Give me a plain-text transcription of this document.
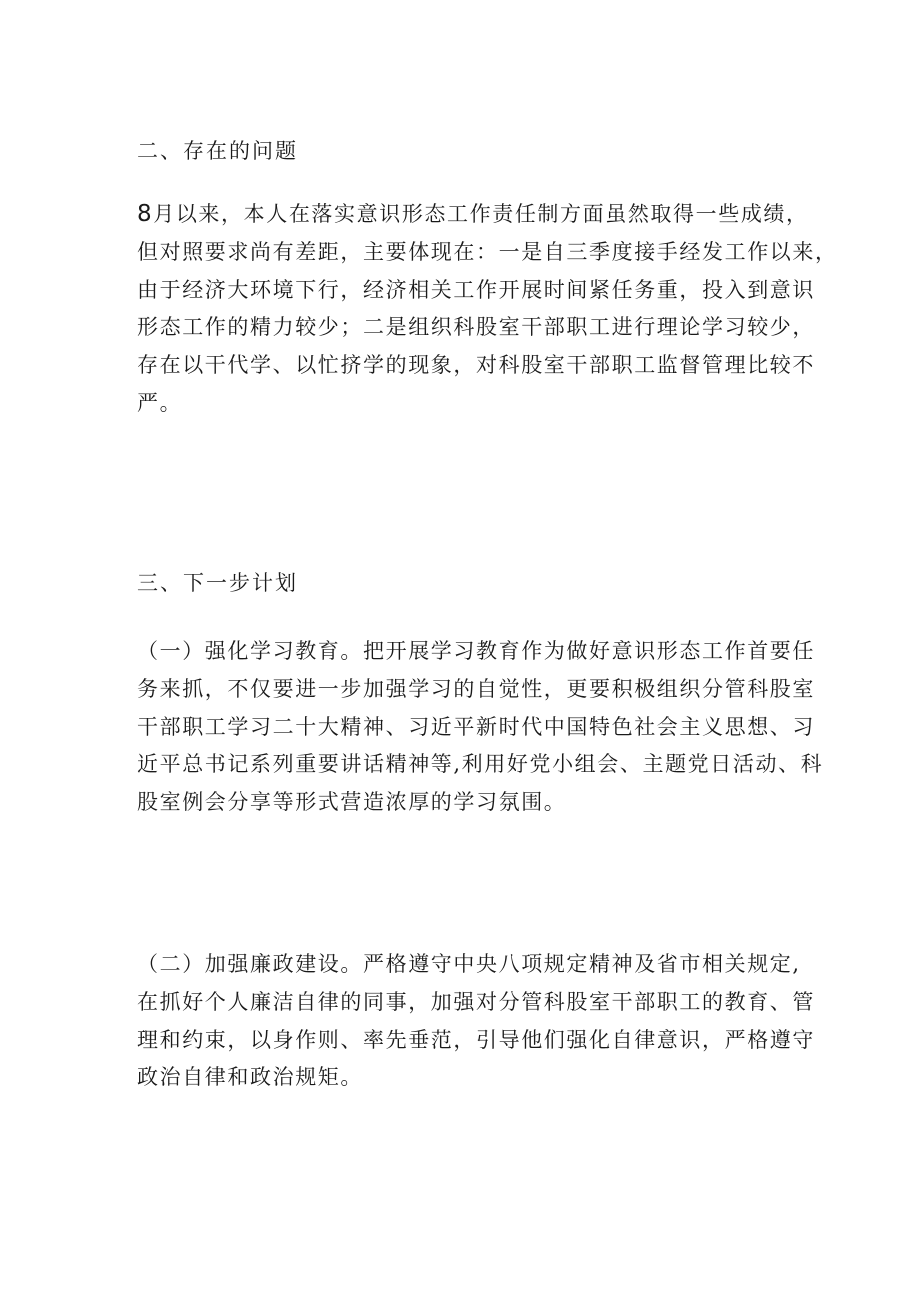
二、存在的问题
8月以来，本人在落实意识形态工作责任制方面虽然取得一些成绩，
但对照要求尚有差距，主要体现在：一是自三季度接手经发工作以来，
由于经济大环境下行，经济相关工作开展时间紧任务重，投入到意识
形态工作的精力较少；二是组织科股室干部职工进行理论学习较少，
存在以干代学、以忙挤学的现象，对科股室干部职工监督管理比较不
严。
三、下一步计划
（一）强化学习教育。把开展学习教育作为做好意识形态工作首要任
务来抓，不仅要进一步加强学习的自觉性，更要积极组织分管科股室
干部职工学习二十大精神、习近平新时代中国特色社会主义思想、习
近平总书记系列重要讲话精神等,利用好党小组会、主题党日活动、科
股室例会分享等形式营造浓厚的学习氛围。
（二）加强廉政建设。严格遵守中央八项规定精神及省市相关规定,
在抓好个人廉洁自律的同事，加强对分管科股室干部职工的教育、管
理和约束，以身作则、率先垂范，引导他们强化自律意识，严格遵守
政治自律和政治规矩。
